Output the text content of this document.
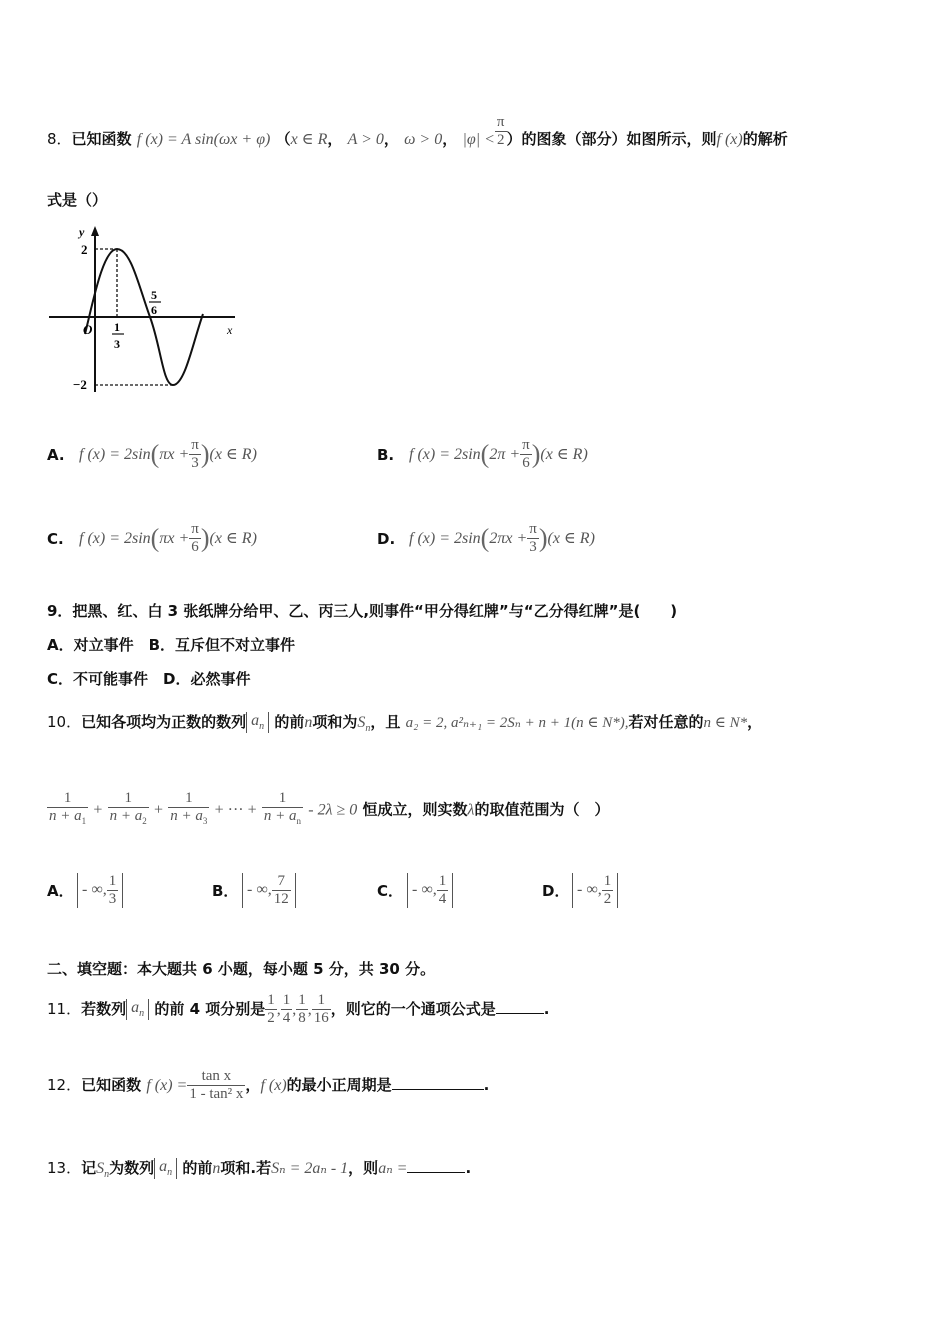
8．已知函数 f (x) = A sin(ωx + φ) （x ∈ R， A > 0， ω > 0， $|\varphi| < \frac{\pi}{2}$ ）的图象（部分）如图所示，则f (x)的解析
式是（）
y
2
−2
O	x
1
3
5
6
A. f $(x) = 2\sin(\pi x + \frac{\pi}{3} )(x$ ∈ R)	B. f $(x) = 2\sin(2\pi + \frac{\pi}{6} )(x$ ∈ R)
C. f $(x) = 2\sin(\pi x + \frac{\pi}{6} )(x$ ∈ R)	D. f $(x) = 2\sin(2\pi x + \frac{\pi}{3} )(x$ ∈ R)
9．把黑、红、白 3 张纸牌分给甲、乙、丙三人,则事件“甲分得红牌”与“乙分得红牌”是(　　)
A．对立事件　B．互斥但不对立事件
C．不可能事件　D．必然事件
10．已知各项均为正数的数列 $a_n$ 的前n项和为$S_n$，且 a₂ = 2, a²ₙ₊₁ = 2Sₙ + n + 1(n ∈ N*),若对任意的n ∈ N*，
$\frac{1}{n + a_1} + \frac{1}{n + a_2} + \frac{1}{n + a_3}$ + ··· + $\frac{1}{n + a_n} - 2\lambda \ge 0$ 恒成立，则实数λ的取值范围为（　）
A． - ∞, $\frac{1}{3}$	B． - ∞, $\frac{7}{12}$	C． - ∞, $\frac{1}{4}$	D． - ∞, $\frac{1}{2}$
二、填空题：本大题共 6 小题，每小题 5 分，共 30 分。
11．若数列 $a_n$ 的前 4 项分别是 $\frac{1}{2}$ , $\frac{1}{4}$ , $\frac{1}{8}$ , $\frac{1}{16}$ ，则它的一个通项公式是	.
12．已知函数 f $(x) = \frac{\text{tan x}}{\text{1 - tan² x}}$ ，f (x)的最小正周期是	.
13．记$S_n$为数列 $a_n$ 的前n项和.若Sₙ = 2aₙ - 1，则aₙ =	.
